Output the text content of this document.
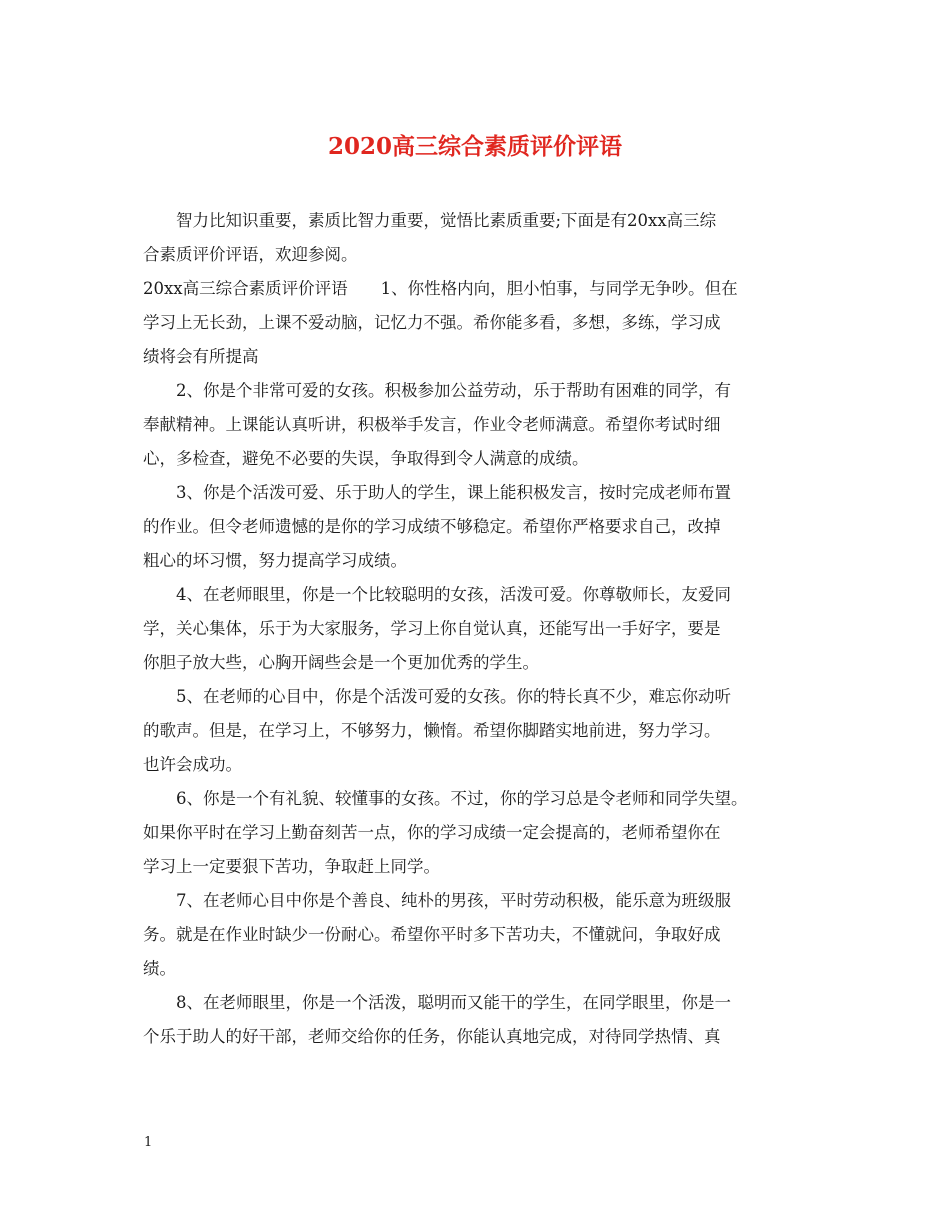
2020高三综合素质评价评语
智力比知识重要，素质比智力重要，觉悟比素质重要;下面是有20xx高三综
合素质评价评语，欢迎参阅。
20xx高三综合素质评价评语　　1、你性格内向，胆小怕事，与同学无争吵。但在
学习上无长劲，上课不爱动脑，记忆力不强。希你能多看，多想，多练，学习成
绩将会有所提高
2、你是个非常可爱的女孩。积极参加公益劳动，乐于帮助有困难的同学，有
奉献精神。上课能认真听讲，积极举手发言，作业令老师满意。希望你考试时细
心，多检查，避免不必要的失误，争取得到令人满意的成绩。
3、你是个活泼可爱、乐于助人的学生，课上能积极发言，按时完成老师布置
的作业。但令老师遗憾的是你的学习成绩不够稳定。希望你严格要求自己，改掉
粗心的坏习惯，努力提高学习成绩。
4、在老师眼里，你是一个比较聪明的女孩，活泼可爱。你尊敬师长，友爱同
学，关心集体，乐于为大家服务，学习上你自觉认真，还能写出一手好字，要是
你胆子放大些，心胸开阔些会是一个更加优秀的学生。
5、在老师的心目中，你是个活泼可爱的女孩。你的特长真不少，难忘你动听
的歌声。但是，在学习上，不够努力，懒惰。希望你脚踏实地前进，努力学习。
也许会成功。
6、你是一个有礼貌、较懂事的女孩。不过，你的学习总是令老师和同学失望。
如果你平时在学习上勤奋刻苦一点，你的学习成绩一定会提高的，老师希望你在
学习上一定要狠下苦功，争取赶上同学。
7、在老师心目中你是个善良、纯朴的男孩，平时劳动积极，能乐意为班级服
务。就是在作业时缺少一份耐心。希望你平时多下苦功夫，不懂就问，争取好成
绩。
8、在老师眼里，你是一个活泼，聪明而又能干的学生，在同学眼里，你是一
个乐于助人的好干部，老师交给你的任务，你能认真地完成，对待同学热情、真
1
